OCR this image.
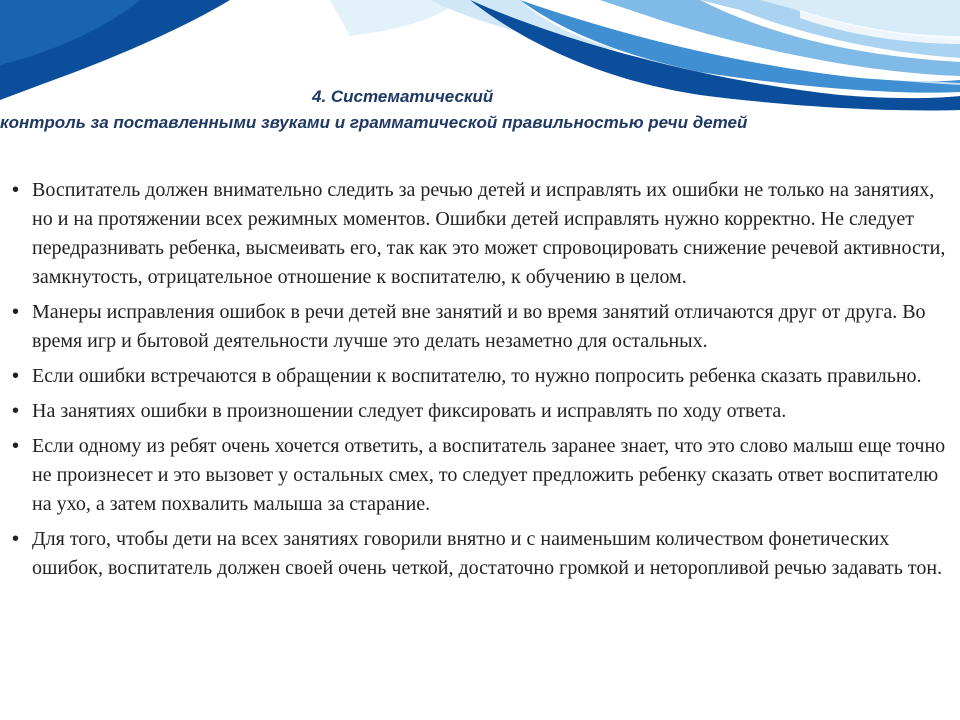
4. Систематический
контроль за поставленными звуками и грамматической правильностью речи детей
• Воспитатель должен внимательно следить за речью детей и исправлять их ошибки не только на занятиях, но и на протяжении всех режимных моментов. Ошибки детей исправлять нужно корректно. Не следует передразнивать ребенка, высмеивать его, так как это может спровоцировать снижение речевой активности, замкнутость, отрицательное отношение к воспитателю, к обучению в целом.
• Манеры исправления ошибок в речи детей вне занятий и во время занятий отличаются друг от друга. Во время игр и бытовой деятельности лучше это делать незаметно для остальных.
• Если ошибки встречаются в обращении к воспитателю, то нужно попросить ребенка сказать правильно.
• На занятиях ошибки в произношении следует фиксировать и исправлять по ходу ответа.
• Если одному из ребят очень хочется ответить, а воспитатель заранее знает, что это слово малыш еще точно не произнесет и это вызовет у остальных смех, то следует предложить ребенку сказать ответ воспитателю на ухо, а затем похвалить малыша за старание.
• Для того, чтобы дети на всех занятиях говорили внятно и с наименьшим количеством фонетических ошибок, воспитатель должен своей очень четкой, достаточно громкой и неторопливой речью задавать тон.
